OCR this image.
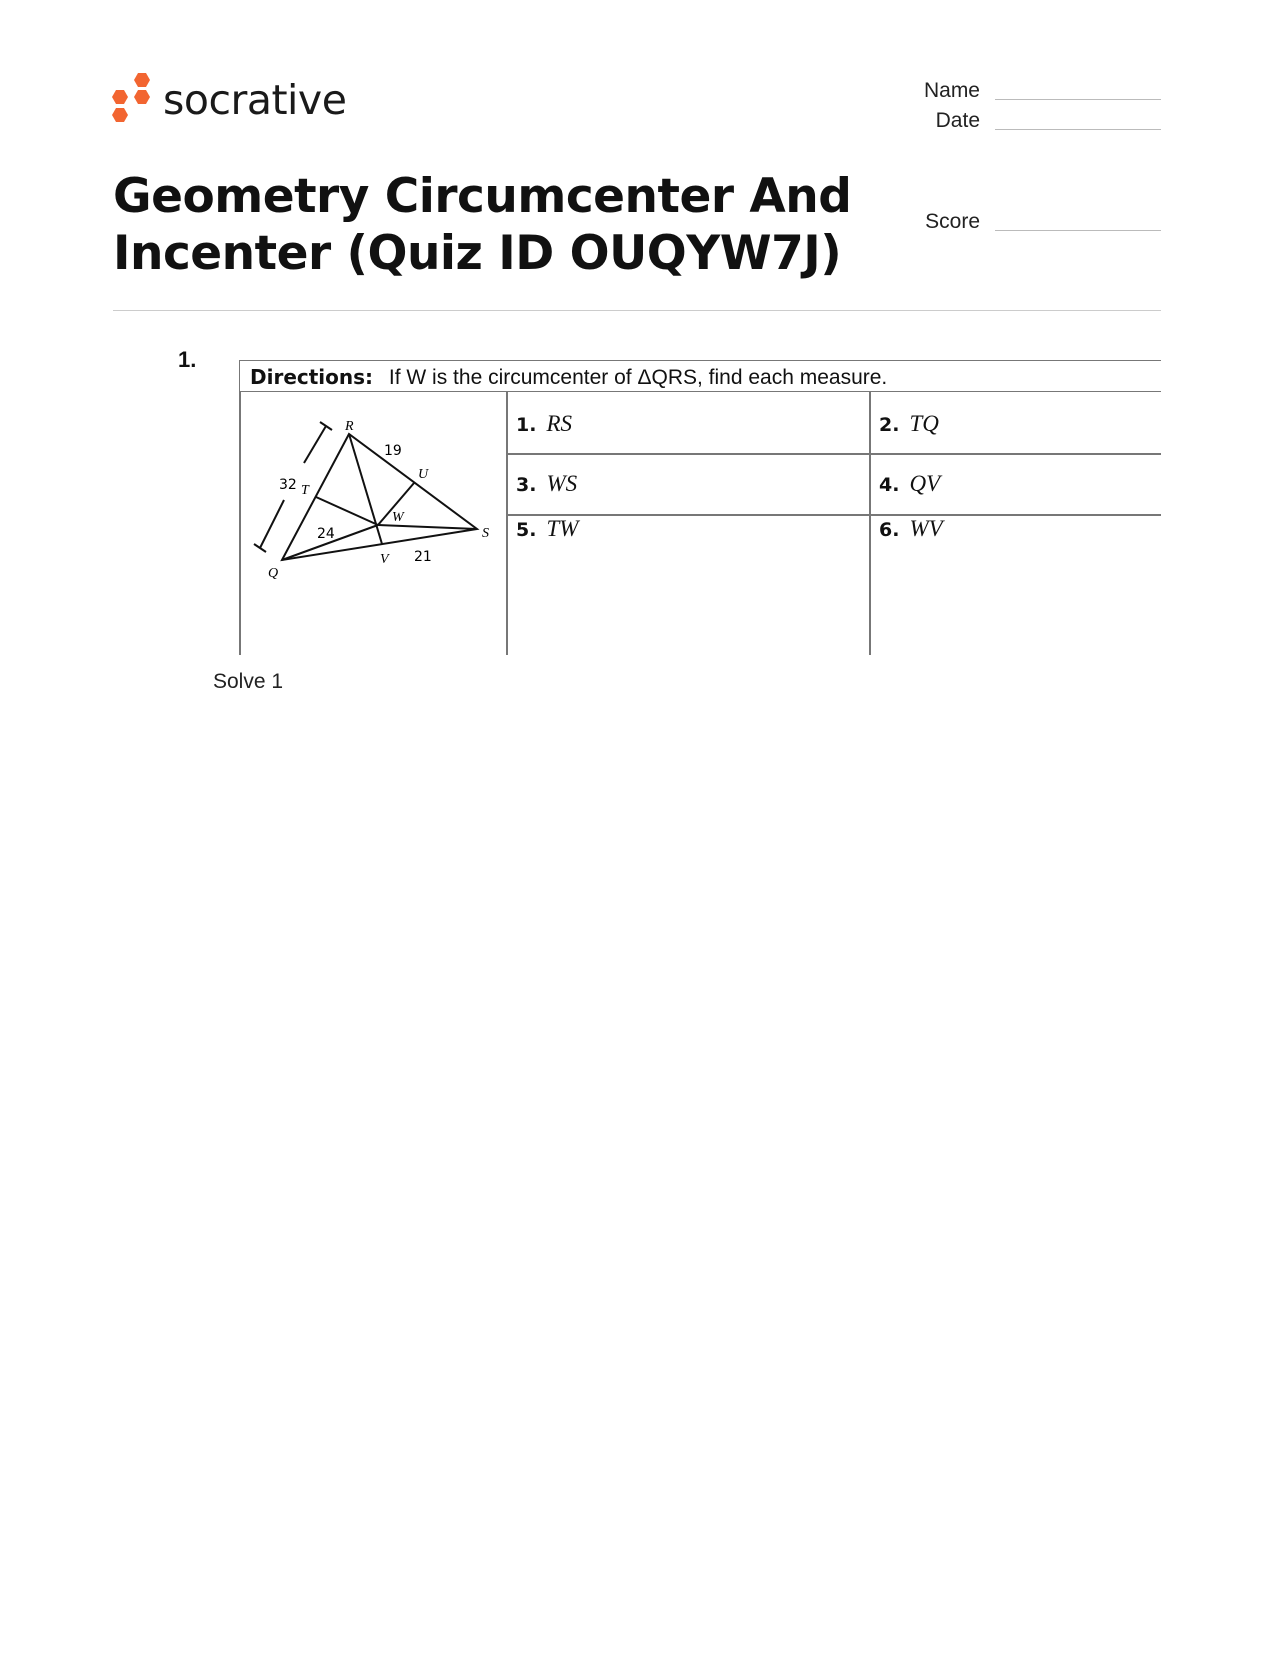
socrative	Name
Date
Score
Geometry Circumcenter And Incenter (Quiz ID OUQYW7J)
1.
Directions: If W is the circumcenter of ΔQRS, find each measure.
1. RS	2. TQ
3. WS	4. QV
5. TW	6. WV
R
Q
S
T
U
V
W
32
19
24
21
Solve 1
